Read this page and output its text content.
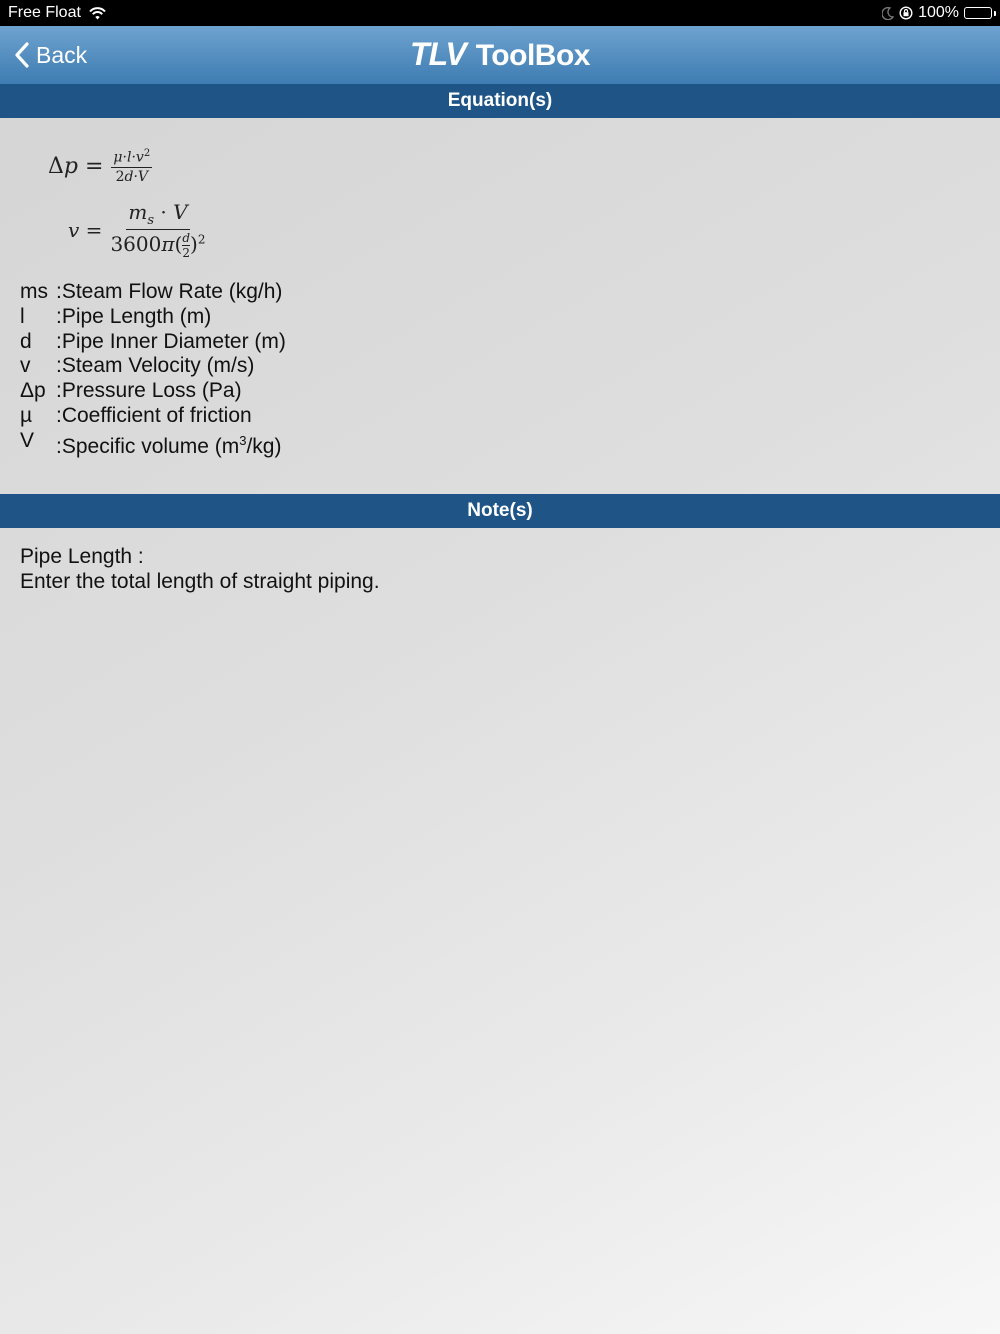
Free Float	100%
Back	TLV ToolBox
Equation(s)
$\Delta p = \frac{\mu\cdot l\cdot v^2}{2d\cdot V}$
$v = \frac{m_s \cdot V}{3600\pi( \frac{d}{2} )^2}$
ms :Steam Flow Rate (kg/h)
l	:Pipe Length (m)
d	:Pipe Inner Diameter (m)
v	:Steam Velocity (m/s)
Δp :Pressure Loss (Pa)
µ	:Coefficient of friction
V	:Specific volume $(m^3/kg)$
Note(s)
Pipe Length :
Enter the total length of straight piping.
